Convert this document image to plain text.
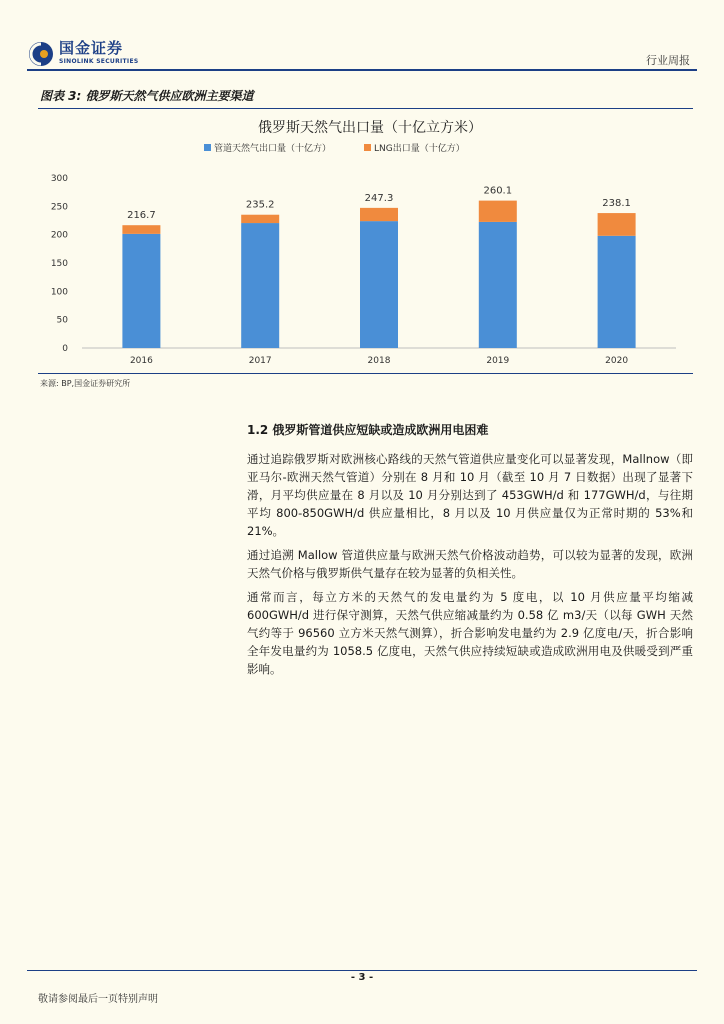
国金证券
SINOLINK SECURITIES	行业周报
图表 3: 俄罗斯天然气供应欧洲主要渠道
俄罗斯天然气出口量（十亿立方米）
管道天然气出口量（十亿方）	LNG出口量（十亿方）
0
50
100
150
200
250
300
216.7
2016
235.2
2017
247.3
2018
260.1
2019
238.1
2020
来源: BP,国金证券研究所
1.2 俄罗斯管道供应短缺或造成欧洲用电困难

通过追踪俄罗斯对欧洲核心路线的天然气管道供应量变化可以显著发现，Mallnow（即亚马尔-欧洲天然气管道）分别在 8 月和 10 月（截至 10 月 7 日数据）出现了显著下滑，月平均供应量在 8 月以及 10 月分别达到了 453GWH/d 和 177GWH/d，与往期平均 800-850GWH/d 供应量相比，8 月以及 10 月供应量仅为正常时期的 53%和 21%。

通过追溯 Mallow 管道供应量与欧洲天然气价格波动趋势，可以较为显著的发现，欧洲天然气价格与俄罗斯供气量存在较为显著的负相关性。

通常而言，每立方米的天然气的发电量约为 5 度电，以 10 月供应量平均缩减 600GWH/d 进行保守测算，天然气供应缩减量约为 0.58 亿 m3/天（以每 GWH 天然气约等于 96560 立方米天然气测算），折合影响发电量约为 2.9 亿度电/天，折合影响全年发电量约为 1058.5 亿度电，天然气供应持续短缺或造成欧洲用电及供暖受到严重影响。

- 3 -
敬请参阅最后一页特别声明
